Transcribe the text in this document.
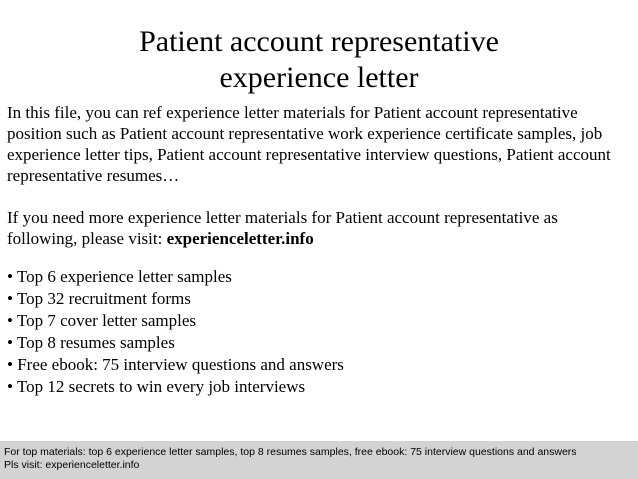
Patient account representative
experience letter
In this file, you can ref experience letter materials for Patient account representative position such as Patient account representative work experience certificate samples, job experience letter tips, Patient account representative interview questions, Patient account representative resumes…
If you need more experience letter materials for Patient account representative as following, please visit: experienceletter.info
• Top 6 experience letter samples
• Top 32 recruitment forms
• Top 7 cover letter samples
• Top 8 resumes samples
• Free ebook: 75 interview questions and answers
• Top 12 secrets to win every job interviews
For top materials: top 6 experience letter samples, top 8 resumes samples, free ebook: 75 interview questions and answers
Pls visit: experienceletter.info
